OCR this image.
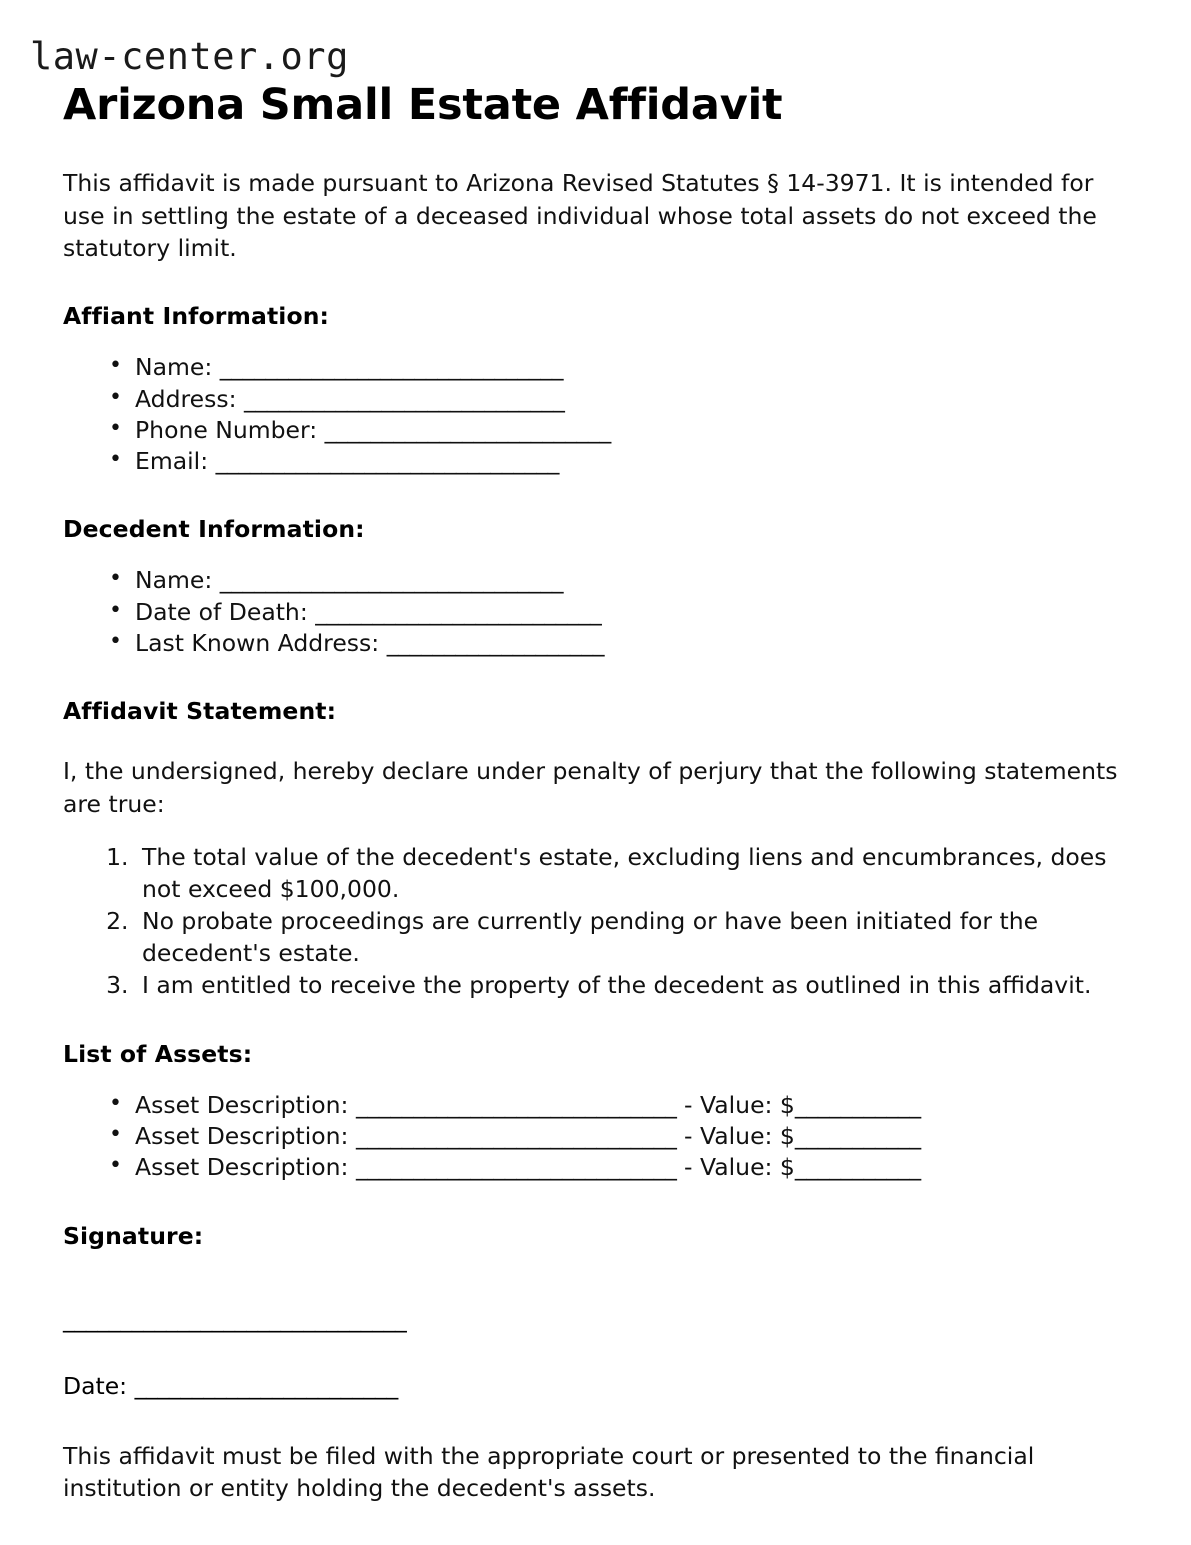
law-center.org
Arizona Small Estate Affidavit

This affidavit is made pursuant to Arizona Revised Statutes § 14-3971. It is intended for use in settling the estate of a deceased individual whose total assets do not exceed the statutory limit.

Affiant Information:
• Name: ______________________________
• Address: ____________________________
• Phone Number: _________________________
• Email: ______________________________
Decedent Information:
• Name: ______________________________
• Date of Death: _________________________
• Last Known Address: ___________________
Affidavit Statement:

I, the undersigned, hereby declare under penalty of perjury that the following statements are true:

1. The total value of the decedent's estate, excluding liens and encumbrances, does not exceed $100,000.
2. No probate proceedings are currently pending or have been initiated for the decedent's estate.
3. I am entitled to receive the property of the decedent as outlined in this affidavit.
List of Assets:
• Asset Description: ____________________________ - Value: $___________
• Asset Description: ____________________________ - Value: $___________
• Asset Description: ____________________________ - Value: $___________
Signature:
______________________________
Date: _______________________

This affidavit must be filed with the appropriate court or presented to the financial institution or entity holding the decedent's assets.
